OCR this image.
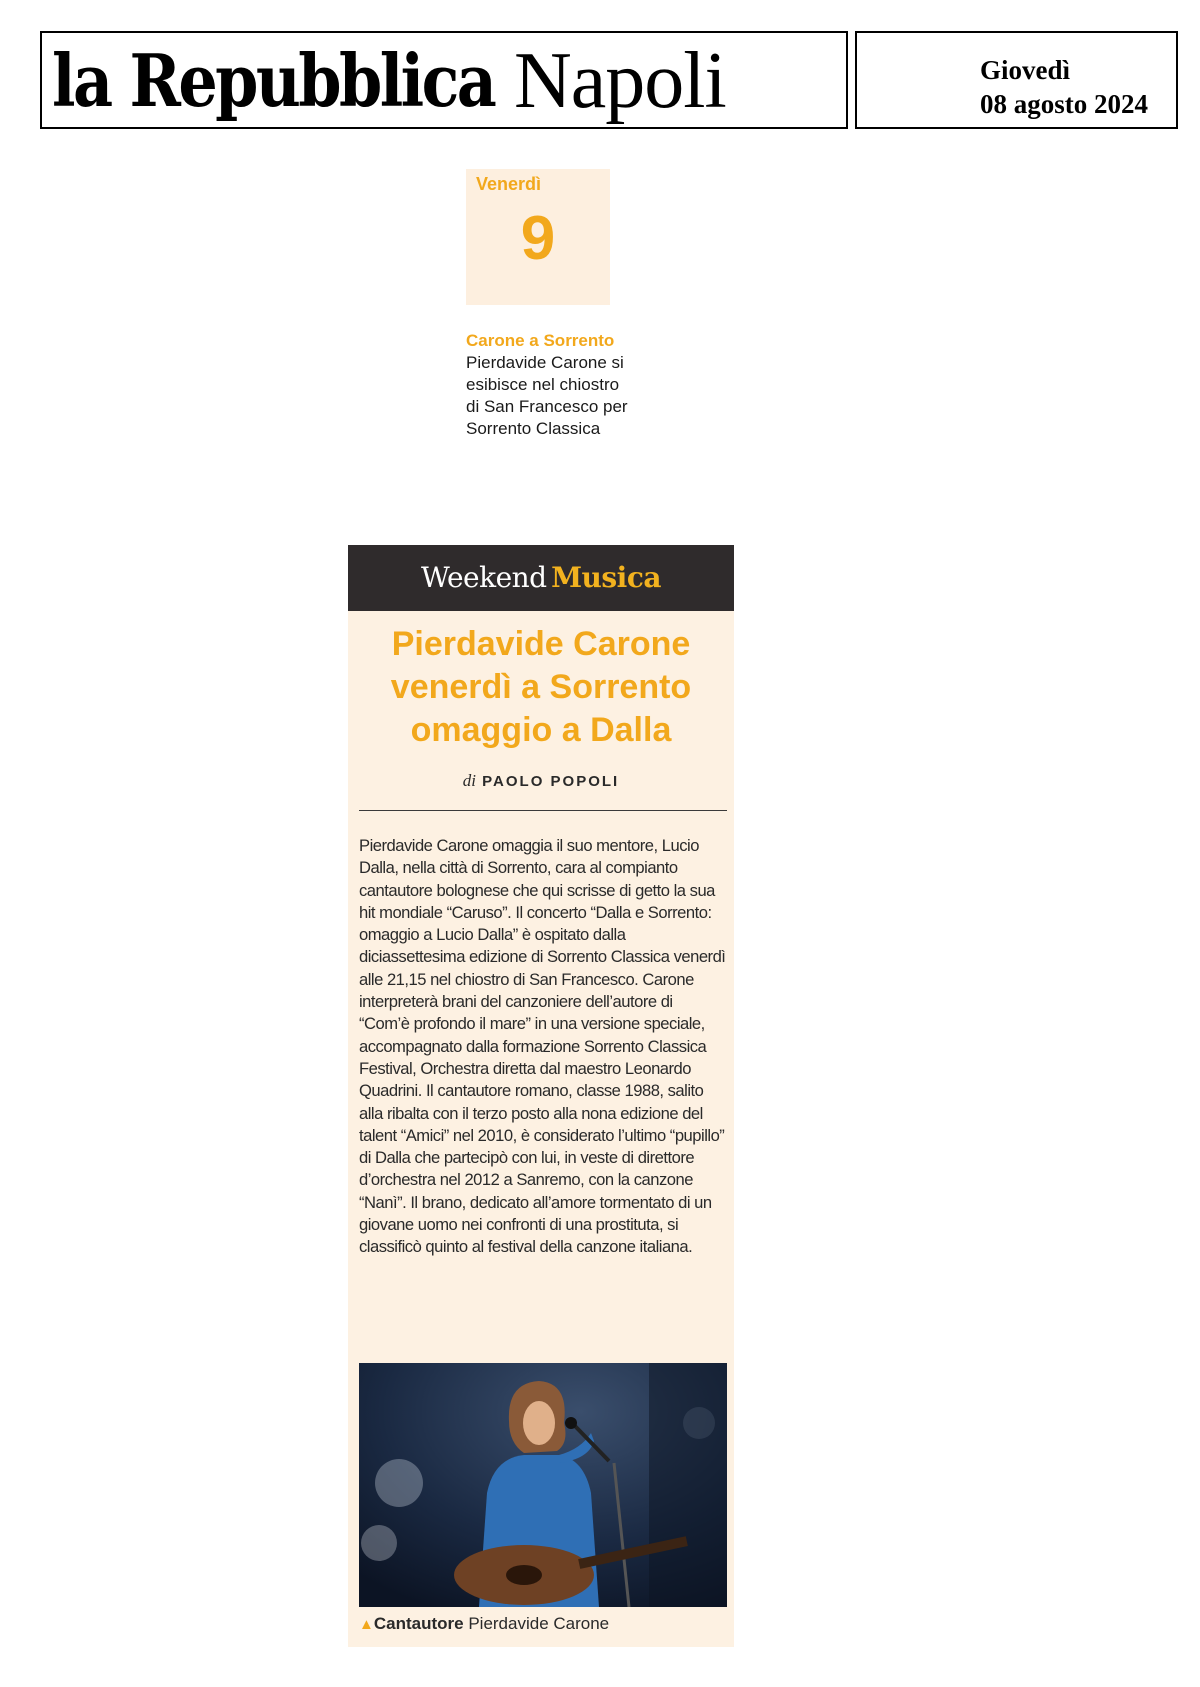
la Repubblica Napoli	Giovedì
08 agosto 2024
Venerdì
9
Carone a Sorrento
Pierdavide Carone si esibisce nel chiostro di San Francesco per Sorrento Classica
Weekend Musica
Pierdavide Carone venerdì a Sorrento omaggio a Dalla
di PAOLO POPOLI

Pierdavide Carone omaggia il suo mentore, Lucio Dalla, nella città di Sorrento, cara al compianto cantautore bolognese che qui scrisse di getto la sua hit mondiale “Caruso”. Il concerto “Dalla e Sorrento: omaggio a Lucio Dalla” è ospitato dalla diciassettesima edizione di Sorrento Classica venerdì alle 21,15 nel chiostro di San Francesco. Carone interpreterà brani del canzoniere dell’autore di “Com’è profondo il mare” in una versione speciale, accompagnato dalla formazione Sorrento Classica Festival, Orchestra diretta dal maestro Leonardo Quadrini. Il cantautore romano, classe 1988, salito alla ribalta con il terzo posto alla nona edizione del talent “Amici” nel 2010, è considerato l’ultimo “pupillo” di Dalla che partecipò con lui, in veste di direttore d’orchestra nel 2012 a Sanremo, con la canzone “Nanì”. Il brano, dedicato all’amore tormentato di un giovane uomo nei confronti di una prostituta, si classificò quinto al festival della canzone italiana.

▲Cantautore Pierdavide Carone
